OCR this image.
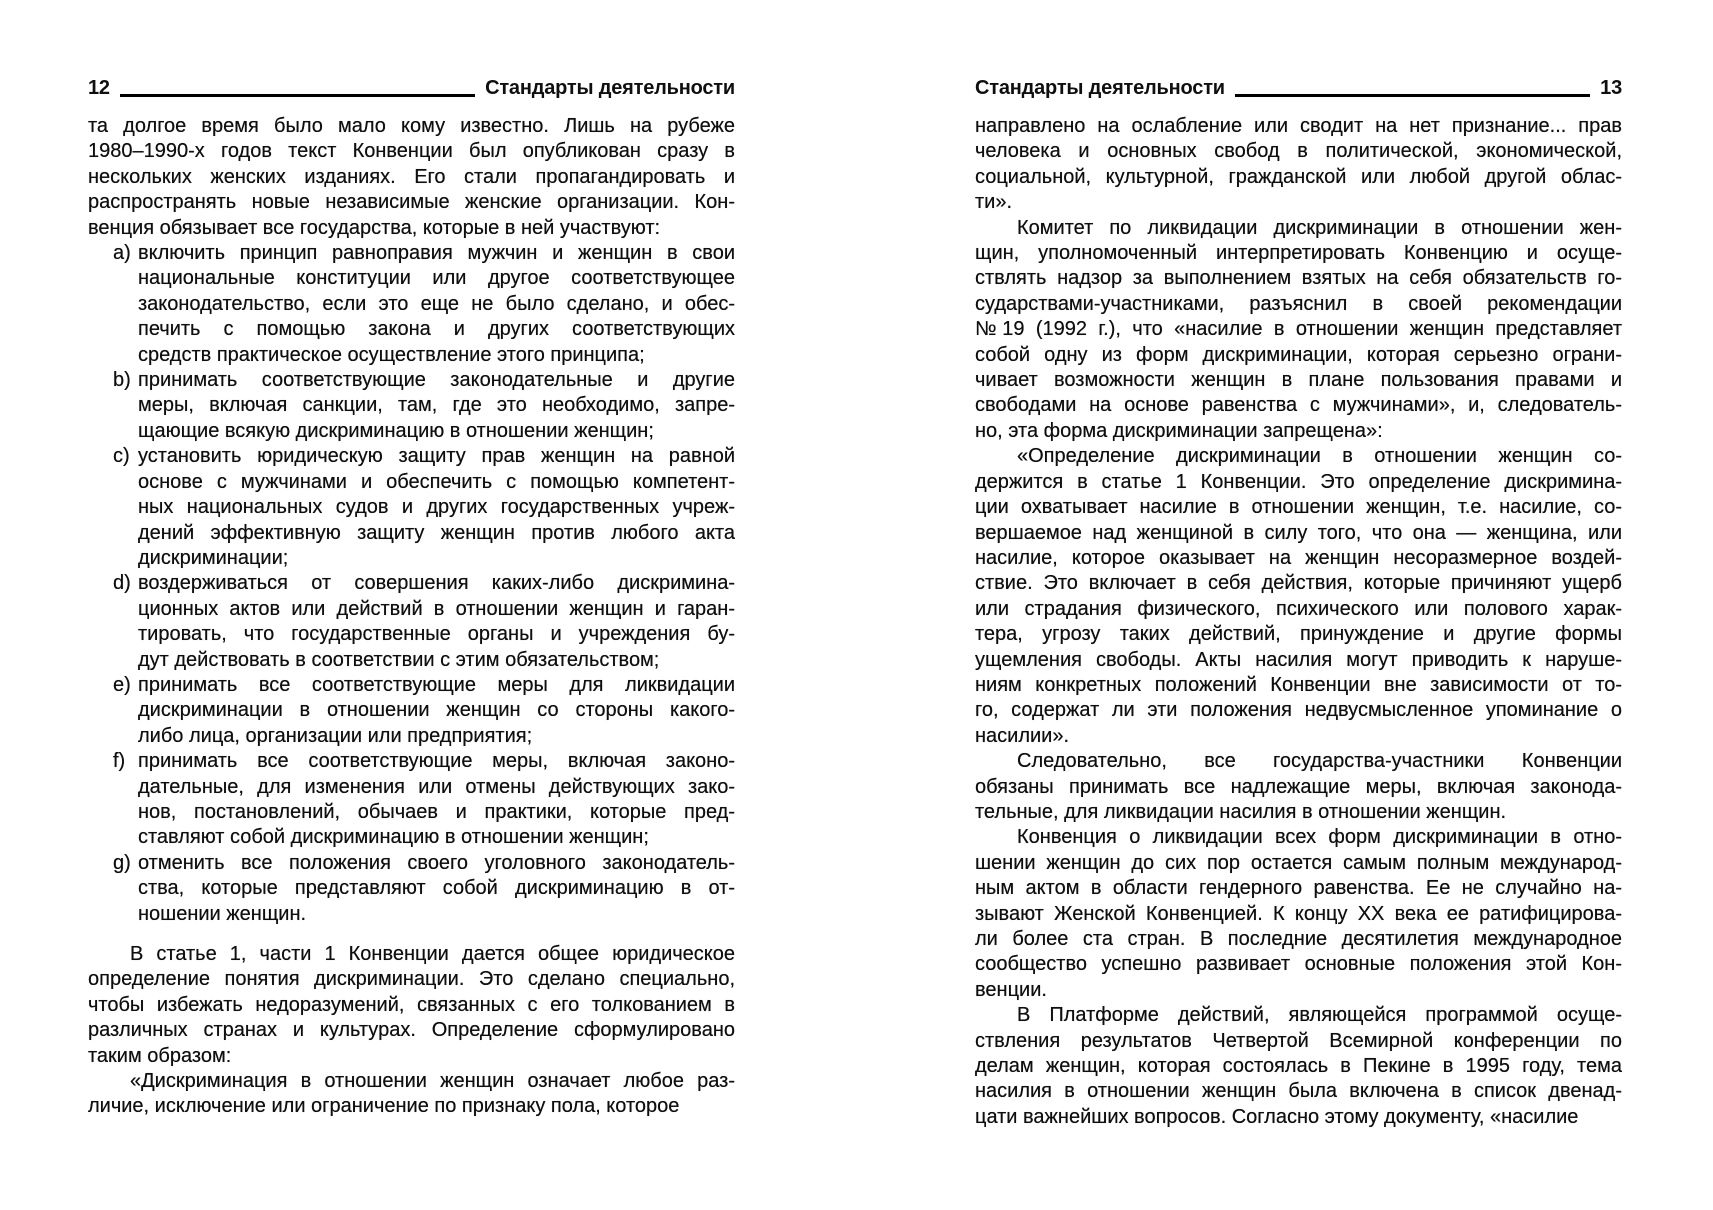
12	Стандарты деятельности
та долгое время было мало кому известно. Лишь на рубеже
1980–1990-х годов текст Конвенции был опубликован сразу в
нескольких женских изданиях. Его стали пропагандировать и
распространять новые независимые женские организации. Кон-
венция обязывает все государства, которые в ней участвуют:
a) включить принцип равноправия мужчин и женщин в свои
национальные конституции или другое соответствующее
законодательство, если это еще не было сделано, и обес-
печить с помощью закона и других соответствующих
средств практическое осуществление этого принципа;
b) принимать соответствующие законодательные и другие
меры, включая санкции, там, где это необходимо, запре-
щающие всякую дискриминацию в отношении женщин;
c) установить юридическую защиту прав женщин на равной
основе с мужчинами и обеспечить с помощью компетент-
ных национальных судов и других государственных учреж-
дений эффективную защиту женщин против любого акта
дискриминации;
d) воздерживаться от совершения каких-либо дискримина-
ционных актов или действий в отношении женщин и гаран-
тировать, что государственные органы и учреждения бу-
дут действовать в соответствии с этим обязательством;
e) принимать все соответствующие меры для ликвидации
дискриминации в отношении женщин со стороны какого-
либо лица, организации или предприятия;
f) принимать все соответствующие меры, включая законо-
дательные, для изменения или отмены действующих зако-
нов, постановлений, обычаев и практики, которые пред-
ставляют собой дискриминацию в отношении женщин;
g) отменить все положения своего уголовного законодатель-
ства, которые представляют собой дискриминацию в от-
ношении женщин.
В статье 1, части 1 Конвенции дается общее юридическое
определение понятия дискриминации. Это сделано специально,
чтобы избежать недоразумений, связанных с его толкованием в
различных странах и культурах. Определение сформулировано
таким образом:
«Дискриминация в отношении женщин означает любое раз-
личие, исключение или ограничение по признаку пола, которое
Стандарты деятельности	13
направлено на ослабление или сводит на нет признание... прав
человека и основных свобод в политической, экономической,
социальной, культурной, гражданской или любой другой облас-
ти».
Комитет по ликвидации дискриминации в отношении жен-
щин, уполномоченный интерпретировать Конвенцию и осуще-
ствлять надзор за выполнением взятых на себя обязательств го-
сударствами-участниками, разъяснил в своей рекомендации
№19 (1992 г.), что «насилие в отношении женщин представляет
собой одну из форм дискриминации, которая серьезно ограни-
чивает возможности женщин в плане пользования правами и
свободами на основе равенства с мужчинами», и, следователь-
но, эта форма дискриминации запрещена»:
«Определение дискриминации в отношении женщин со-
держится в статье 1 Конвенции. Это определение дискримина-
ции охватывает насилие в отношении женщин, т.е. насилие, со-
вершаемое над женщиной в силу того, что она — женщина, или
насилие, которое оказывает на женщин несоразмерное воздей-
ствие. Это включает в себя действия, которые причиняют ущерб
или страдания физического, психического или полового харак-
тера, угрозу таких действий, принуждение и другие формы
ущемления свободы. Акты насилия могут приводить к наруше-
ниям конкретных положений Конвенции вне зависимости от то-
го, содержат ли эти положения недвусмысленное упоминание о
насилии».
Следовательно, все государства-участники Конвенции
обязаны принимать все надлежащие меры, включая законода-
тельные, для ликвидации насилия в отношении женщин.
Конвенция о ликвидации всех форм дискриминации в отно-
шении женщин до сих пор остается самым полным международ-
ным актом в области гендерного равенства. Ее не случайно на-
зывают Женской Конвенцией. К концу XX века ее ратифицирова-
ли более ста стран. В последние десятилетия международное
сообщество успешно развивает основные положения этой Кон-
венции.
В Платформе действий, являющейся программой осуще-
ствления результатов Четвертой Всемирной конференции по
делам женщин, которая состоялась в Пекине в 1995 году, тема
насилия в отношении женщин была включена в список двенад-
цати важнейших вопросов. Согласно этому документу, «насилие
